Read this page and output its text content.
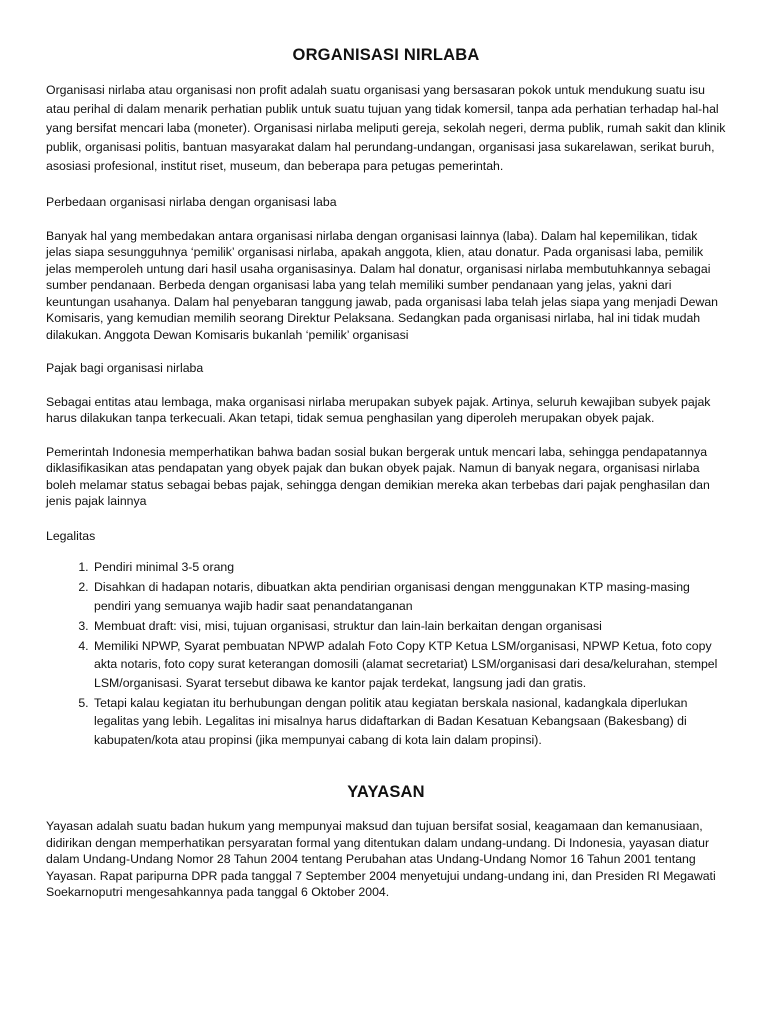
ORGANISASI NIRLABA

Organisasi nirlaba atau organisasi non profit adalah suatu organisasi yang bersasaran pokok untuk mendukung suatu isu atau perihal di dalam menarik perhatian publik untuk suatu tujuan yang tidak komersil, tanpa ada perhatian terhadap hal-hal yang bersifat mencari laba (moneter). Organisasi nirlaba meliputi gereja, sekolah negeri, derma publik, rumah sakit dan klinik publik, organisasi politis, bantuan masyarakat dalam hal perundang-undangan, organisasi jasa sukarelawan, serikat buruh, asosiasi profesional, institut riset, museum, dan beberapa para petugas pemerintah.

Perbedaan organisasi nirlaba dengan organisasi laba

Banyak hal yang membedakan antara organisasi nirlaba dengan organisasi lainnya (laba). Dalam hal kepemilikan, tidak jelas siapa sesungguhnya ‘pemilik’ organisasi nirlaba, apakah anggota, klien, atau donatur. Pada organisasi laba, pemilik jelas memperoleh untung dari hasil usaha organisasinya. Dalam hal donatur, organisasi nirlaba membutuhkannya sebagai sumber pendanaan. Berbeda dengan organisasi laba yang telah memiliki sumber pendanaan yang jelas, yakni dari keuntungan usahanya. Dalam hal penyebaran tanggung jawab, pada organisasi laba telah jelas siapa yang menjadi Dewan Komisaris, yang kemudian memilih seorang Direktur Pelaksana. Sedangkan pada organisasi nirlaba, hal ini tidak mudah dilakukan. Anggota Dewan Komisaris bukanlah ‘pemilik’ organisasi

Pajak bagi organisasi nirlaba

Sebagai entitas atau lembaga, maka organisasi nirlaba merupakan subyek pajak. Artinya, seluruh kewajiban subyek pajak harus dilakukan tanpa terkecuali. Akan tetapi, tidak semua penghasilan yang diperoleh merupakan obyek pajak.

Pemerintah Indonesia memperhatikan bahwa badan sosial bukan bergerak untuk mencari laba, sehingga pendapatannya diklasifikasikan atas pendapatan yang obyek pajak dan bukan obyek pajak. Namun di banyak negara, organisasi nirlaba boleh melamar status sebagai bebas pajak, sehingga dengan demikian mereka akan terbebas dari pajak penghasilan dan jenis pajak lainnya

Legalitas
1. Pendiri minimal 3-5 orang
2. Disahkan di hadapan notaris, dibuatkan akta pendirian organisasi dengan menggunakan KTP masing-masing pendiri yang semuanya wajib hadir saat penandatanganan
3. Membuat draft: visi, misi, tujuan organisasi, struktur dan lain-lain berkaitan dengan organisasi
4. Memiliki NPWP, Syarat pembuatan NPWP adalah Foto Copy KTP Ketua LSM/organisasi, NPWP Ketua, foto copy akta notaris, foto copy surat keterangan domosili (alamat secretariat) LSM/organisasi dari desa/kelurahan, stempel LSM/organisasi. Syarat tersebut dibawa ke kantor pajak terdekat, langsung jadi dan gratis.
5. Tetapi kalau kegiatan itu berhubungan dengan politik atau kegiatan berskala nasional, kadangkala diperlukan legalitas yang lebih. Legalitas ini misalnya harus didaftarkan di Badan Kesatuan Kebangsaan (Bakesbang) di kabupaten/kota atau propinsi (jika mempunyai cabang di kota lain dalam propinsi).
YAYASAN

Yayasan adalah suatu badan hukum yang mempunyai maksud dan tujuan bersifat sosial, keagamaan dan kemanusiaan, didirikan dengan memperhatikan persyaratan formal yang ditentukan dalam undang-undang. Di Indonesia, yayasan diatur dalam Undang-Undang Nomor 28 Tahun 2004 tentang Perubahan atas Undang-Undang Nomor 16 Tahun 2001 tentang Yayasan. Rapat paripurna DPR pada tanggal 7 September 2004 menyetujui undang-undang ini, dan Presiden RI Megawati Soekarnoputri mengesahkannya pada tanggal 6 Oktober 2004.
